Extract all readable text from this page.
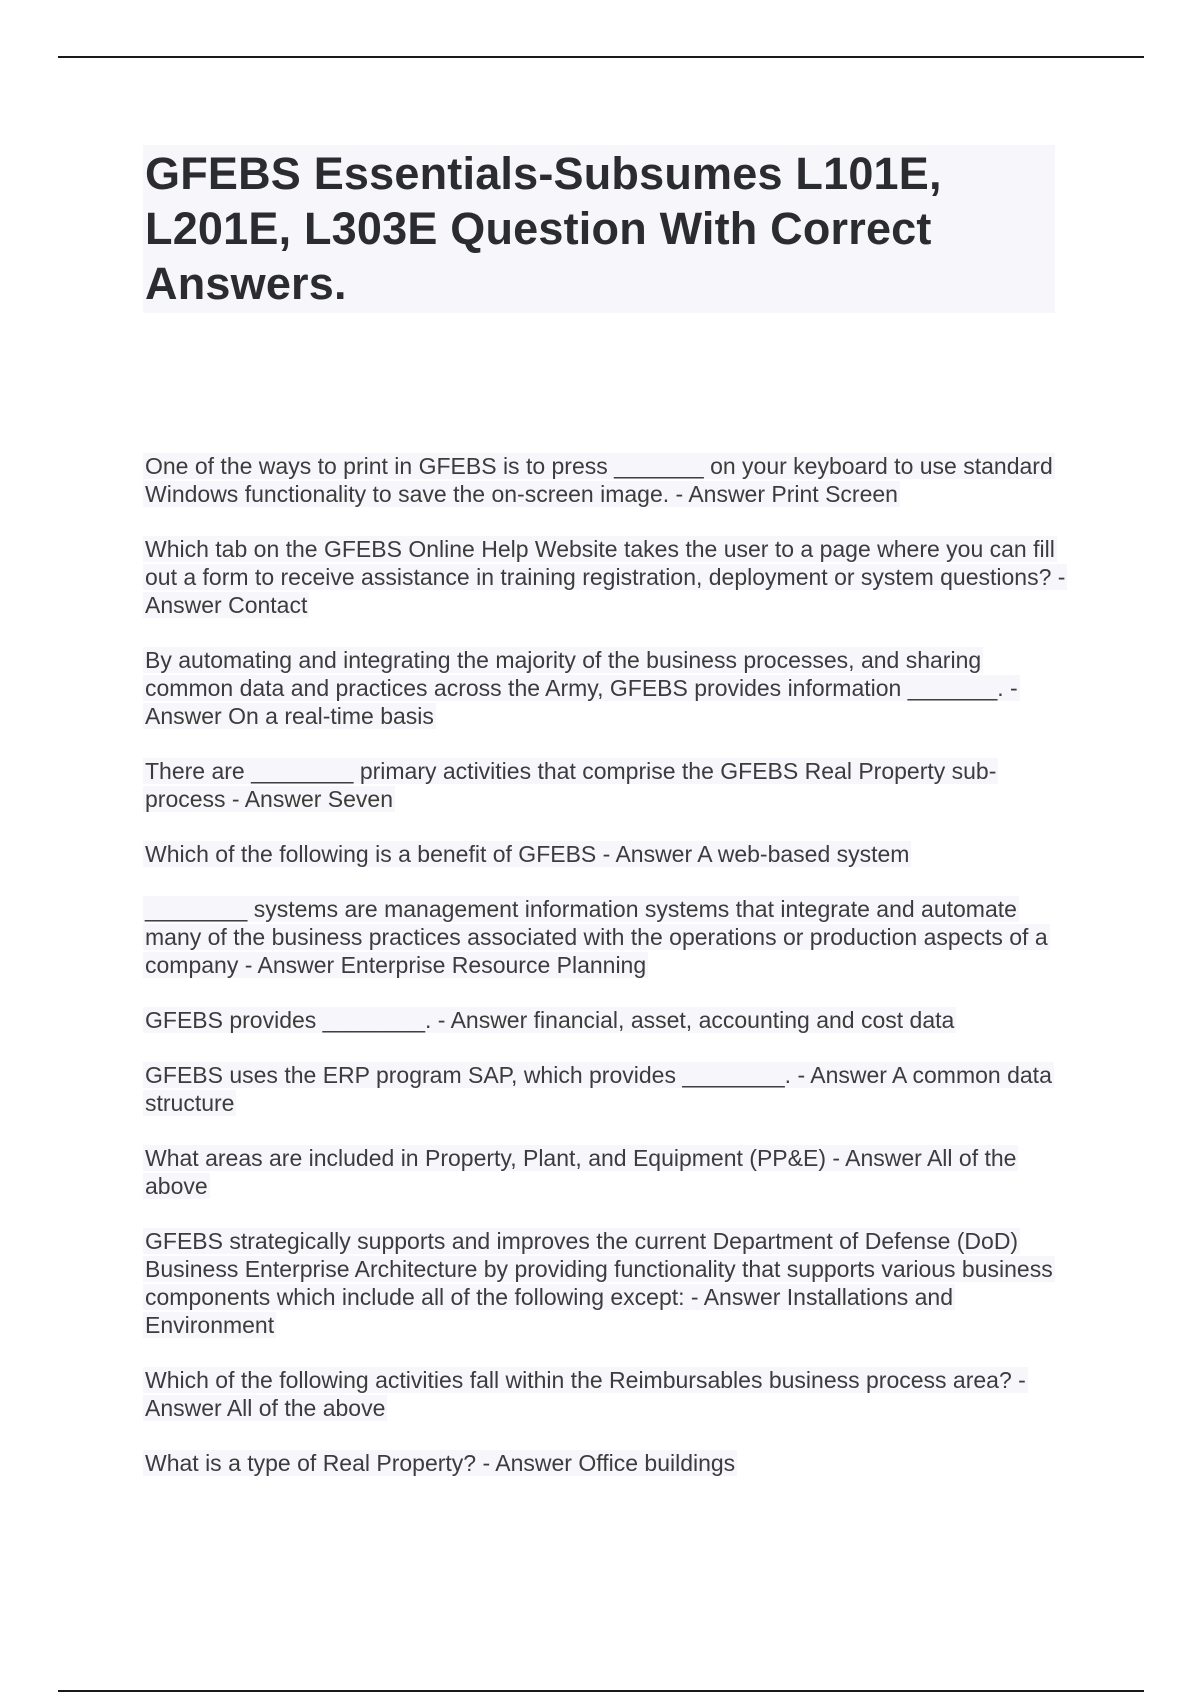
GFEBS Essentials-Subsumes L101E, L201E, L303E Question With Correct Answers.
One of the ways to print in GFEBS is to press _______ on your keyboard to use standard Windows functionality to save the on-screen image. - Answer Print Screen
Which tab on the GFEBS Online Help Website takes the user to a page where you can fill out a form to receive assistance in training registration, deployment or system questions? - Answer Contact
By automating and integrating the majority of the business processes, and sharing common data and practices across the Army, GFEBS provides information _______. - Answer On a real-time basis
There are ________ primary activities that comprise the GFEBS Real Property sub-process - Answer Seven
Which of the following is a benefit of GFEBS - Answer A web-based system
________ systems are management information systems that integrate and automate many of the business practices associated with the operations or production aspects of a company - Answer Enterprise Resource Planning
GFEBS provides ________. - Answer financial, asset, accounting and cost data
GFEBS uses the ERP program SAP, which provides ________. - Answer A common data structure
What areas are included in Property, Plant, and Equipment (PP&E) - Answer All of the above
GFEBS strategically supports and improves the current Department of Defense (DoD) Business Enterprise Architecture by providing functionality that supports various business components which include all of the following except: - Answer Installations and Environment
Which of the following activities fall within the Reimbursables business process area? - Answer All of the above
What is a type of Real Property? - Answer Office buildings
